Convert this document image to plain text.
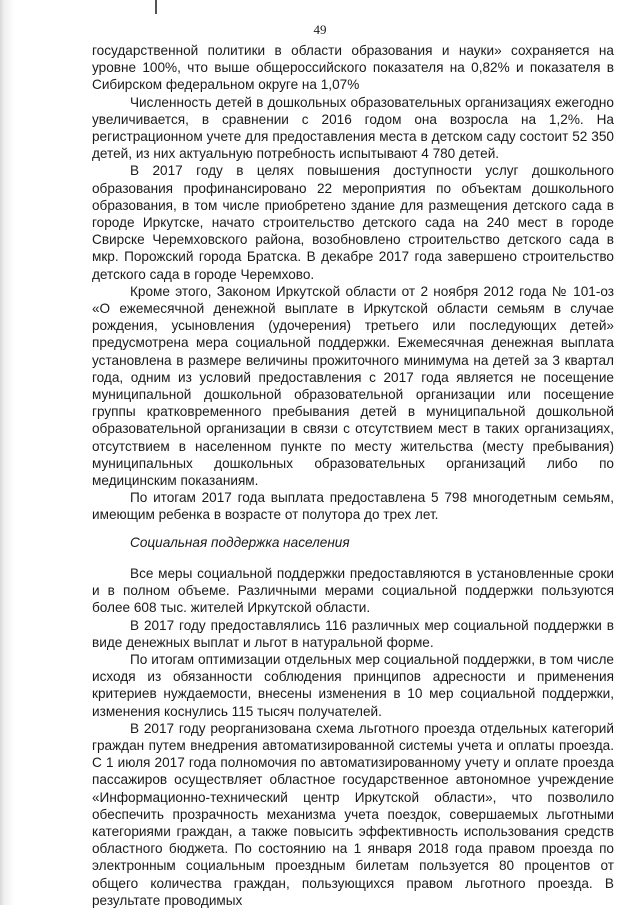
49

государственной политики в области образования и науки» сохраняется на уровне 100%, что выше общероссийского показателя на 0,82% и показателя в Сибирском федеральном округе на 1,07%

Численность детей в дошкольных образовательных организациях ежегодно увеличивается, в сравнении с 2016 годом она возросла на 1,2%. На регистрационном учете для предоставления места в детском саду состоит 52 350 детей, из них актуальную потребность испытывают 4 780 детей.

В 2017 году в целях повышения доступности услуг дошкольного образования профинансировано 22 мероприятия по объектам дошкольного образования, в том числе приобретено здание для размещения детского сада в городе Иркутске, начато строительство детского сада на 240 мест в городе Свирске Черемховского района, возобновлено строительство детского сада в мкр. Порожский города Братска. В декабре 2017 года завершено строительство детского сада в городе Черемхово.

Кроме этого, Законом Иркутской области от 2 ноября 2012 года № 101-оз «О ежемесячной денежной выплате в Иркутской области семьям в случае рождения, усыновления (удочерения) третьего или последующих детей» предусмотрена мера социальной поддержки. Ежемесячная денежная выплата установлена в размере величины прожиточного минимума на детей за 3 квартал года, одним из условий предоставления с 2017 года является не посещение муниципальной дошкольной образовательной организации или посещение группы кратковременного пребывания детей в муниципальной дошкольной образовательной организации в связи с отсутствием мест в таких организациях, отсутствием в населенном пункте по месту жительства (месту пребывания) муниципальных дошкольных образовательных организаций либо по медицинским показаниям.

По итогам 2017 года выплата предоставлена 5 798 многодетным семьям, имеющим ребенка в возрасте от полутора до трех лет.

Социальная поддержка населения

Все меры социальной поддержки предоставляются в установленные сроки и в полном объеме. Различными мерами социальной поддержки пользуются более 608 тыс. жителей Иркутской области.

В 2017 году предоставлялись 116 различных мер социальной поддержки в виде денежных выплат и льгот в натуральной форме.

По итогам оптимизации отдельных мер социальной поддержки, в том числе исходя из обязанности соблюдения принципов адресности и применения критериев нуждаемости, внесены изменения в 10 мер социальной поддержки, изменения коснулись 115 тысяч получателей.

В 2017 году реорганизована схема льготного проезда отдельных категорий граждан путем внедрения автоматизированной системы учета и оплаты проезда. С 1 июля 2017 года полномочия по автоматизированному учету и оплате проезда пассажиров осуществляет областное государственное автономное учреждение «Информационно-технический центр Иркутской области», что позволило обеспечить прозрачность механизма учета поездок, совершаемых льготными категориями граждан, а также повысить эффективность использования средств областного бюджета. По состоянию на 1 января 2018 года правом проезда по электронным социальным проездным билетам пользуется 80 процентов от общего количества граждан, пользующихся правом льготного проезда. В результате проводимых
